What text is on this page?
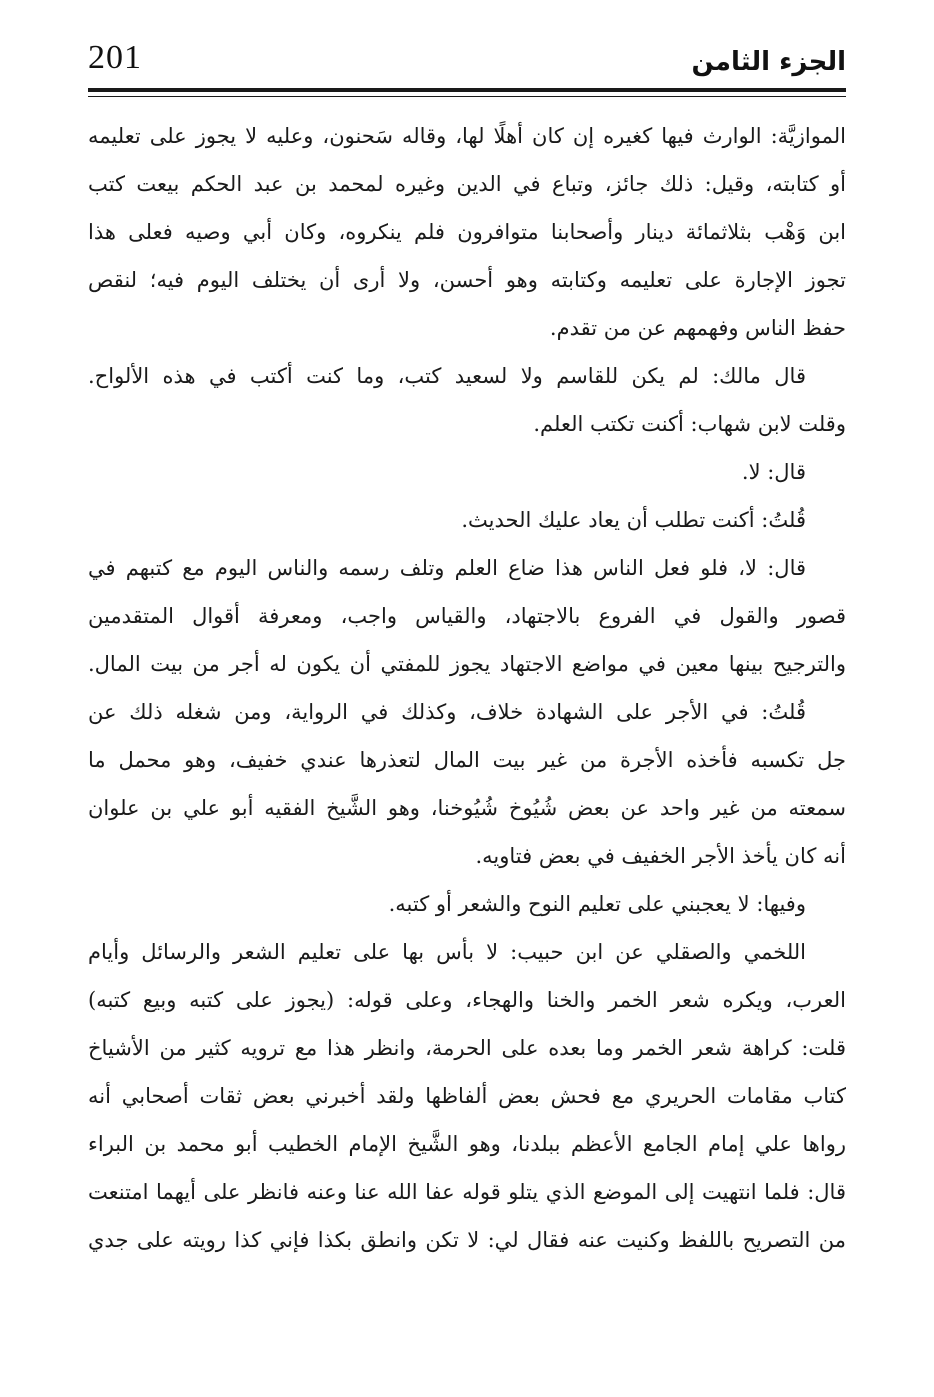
201	الجزء الثامن
الموازيَّة: الوارث فيها كغيره إن كان أهلًا لها، وقاله سَحنون، وعليه لا يجوز على تعليمه
أو كتابته، وقيل: ذلك جائز، وتباع في الدين وغيره لمحمد بن عبد الحكم بيعت كتب
ابن وَهْب بثلاثمائة دينار وأصحابنا متوافرون فلم ينكروه، وكان أبي وصيه فعلى هذا
تجوز الإجارة على تعليمه وكتابته وهو أحسن، ولا أرى أن يختلف اليوم فيه؛ لنقص
حفظ الناس وفهمهم عن من تقدم.
قال مالك: لم يكن للقاسم ولا لسعيد كتب، وما كنت أكتب في هذه الألواح.
وقلت لابن شهاب: أكنت تكتب العلم.
قال: لا.
قُلتُ: أكنت تطلب أن يعاد عليك الحديث.
قال: لا، فلو فعل الناس هذا ضاع العلم وتلف رسمه والناس اليوم مع كتبهم في
قصور والقول في الفروع بالاجتهاد، والقياس واجب، ومعرفة أقوال المتقدمين
والترجيح بينها معين في مواضع الاجتهاد يجوز للمفتي أن يكون له أجر من بيت المال.
قُلتُ: في الأجر على الشهادة خلاف، وكذلك في الرواية، ومن شغله ذلك عن
جل تكسبه فأخذه الأجرة من غير بيت المال لتعذرها عندي خفيف، وهو محمل ما
سمعته من غير واحد عن بعض شُيُوخ شُيُوخنا، وهو الشَّيخ الفقيه أبو علي بن علوان
أنه كان يأخذ الأجر الخفيف في بعض فتاويه.
وفيها: لا يعجبني على تعليم النوح والشعر أو كتبه.
اللخمي والصقلي عن ابن حبيب: لا بأس بها على تعليم الشعر والرسائل وأيام
العرب، ويكره شعر الخمر والخنا والهجاء، وعلى قوله: (يجوز على كتبه وبيع كتبه)
قلت: كراهة شعر الخمر وما بعده على الحرمة، وانظر هذا مع ترويه كثير من الأشياخ
كتاب مقامات الحريري مع فحش بعض ألفاظها ولقد أخبرني بعض ثقات أصحابي أنه
رواها علي إمام الجامع الأعظم ببلدنا، وهو الشَّيخ الإمام الخطيب أبو محمد بن البراء
قال: فلما انتهيت إلى الموضع الذي يتلو قوله عفا الله عنا وعنه فانظر على أيهما امتنعت
من التصريح باللفظ وكنيت عنه فقال لي: لا تكن وانطق بكذا فإني كذا رويته على جدي
